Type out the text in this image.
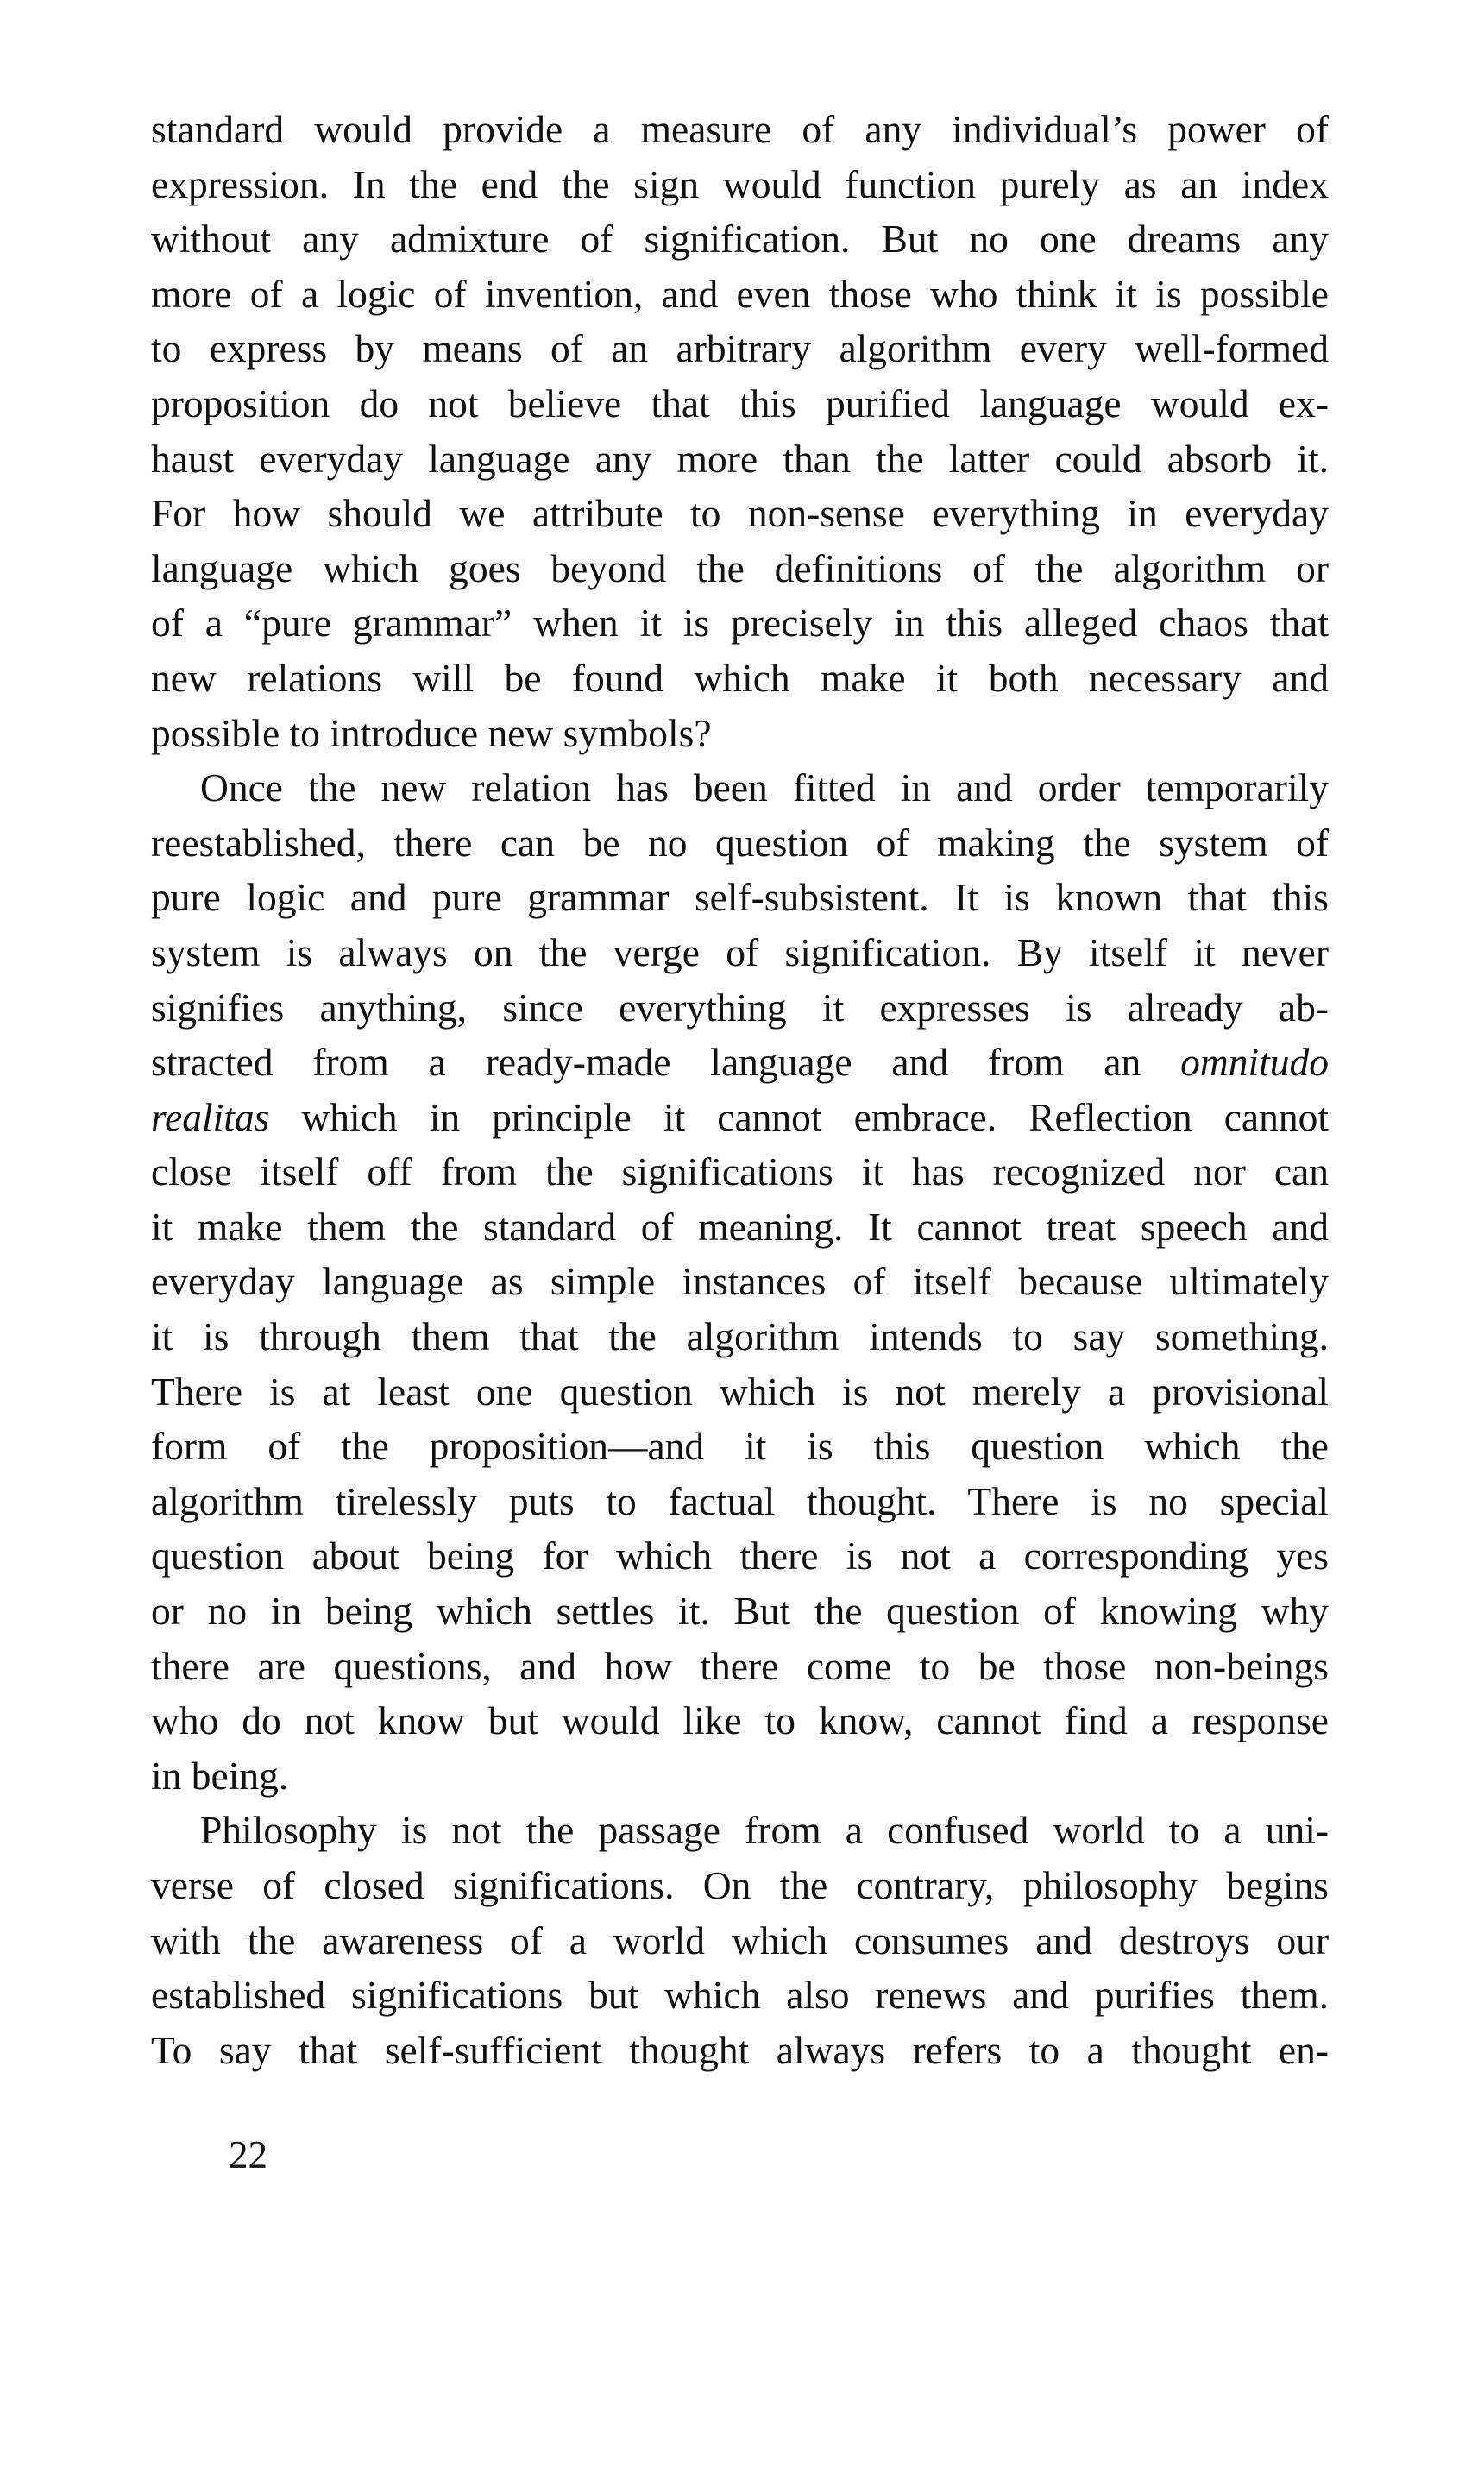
standard would provide a measure of any individual’s power of
expression. In the end the sign would function purely as an index
without any admixture of signification. But no one dreams any
more of a logic of invention, and even those who think it is possible
to express by means of an arbitrary algorithm every well-formed
proposition do not believe that this purified language would ex-
haust everyday language any more than the latter could absorb it.
For how should we attribute to non-sense everything in everyday
language which goes beyond the definitions of the algorithm or
of a “pure grammar” when it is precisely in this alleged chaos that
new relations will be found which make it both necessary and
possible to introduce new symbols?
Once the new relation has been fitted in and order temporarily
reestablished, there can be no question of making the system of
pure logic and pure grammar self-subsistent. It is known that this
system is always on the verge of signification. By itself it never
signifies anything, since everything it expresses is already ab-
stracted from a ready-made language and from an omnitudo
realitas which in principle it cannot embrace. Reflection cannot
close itself off from the significations it has recognized nor can
it make them the standard of meaning. It cannot treat speech and
everyday language as simple instances of itself because ultimately
it is through them that the algorithm intends to say something.
There is at least one question which is not merely a provisional
form of the proposition—and it is this question which the
algorithm tirelessly puts to factual thought. There is no special
question about being for which there is not a corresponding yes
or no in being which settles it. But the question of knowing why
there are questions, and how there come to be those non-beings
who do not know but would like to know, cannot find a response
in being.
Philosophy is not the passage from a confused world to a uni-
verse of closed significations. On the contrary, philosophy begins
with the awareness of a world which consumes and destroys our
established significations but which also renews and purifies them.
To say that self-sufficient thought always refers to a thought en-
22
